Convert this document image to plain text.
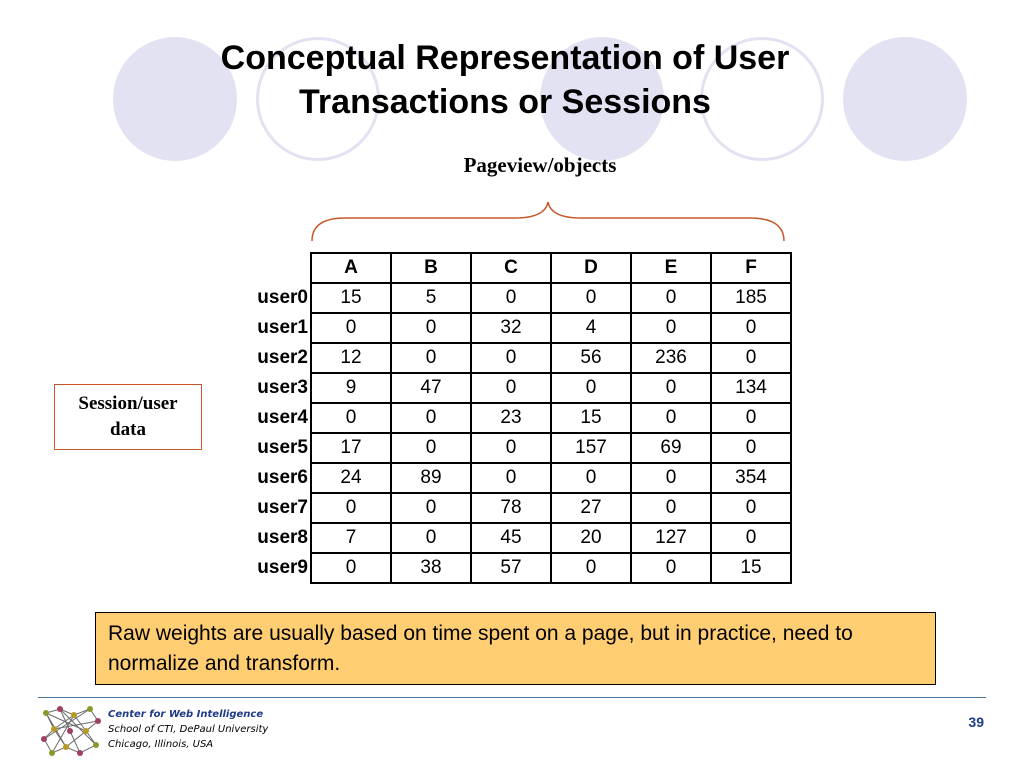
Conceptual Representation of User Transactions or Sessions
Pageview/objects
	A	B	C	D	E	F
user0	15	5	0	0	0	185
user1	0	0	32	4	0	0
user2	12	0	0	56	236	0
user3	9	47	0	0	0	134
user4	0	0	23	15	0	0
user5	17	0	0	157	69	0
user6	24	89	0	0	0	354
user7	0	0	78	27	0	0
user8	7	0	45	20	127	0
user9	0	38	57	0	0	15
Session/user data
Raw weights are usually based on time spent on a page, but in practice, need to normalize and transform.
Center for Web Intelligence
School of CTI, DePaul University
Chicago, Illinois, USA
39
